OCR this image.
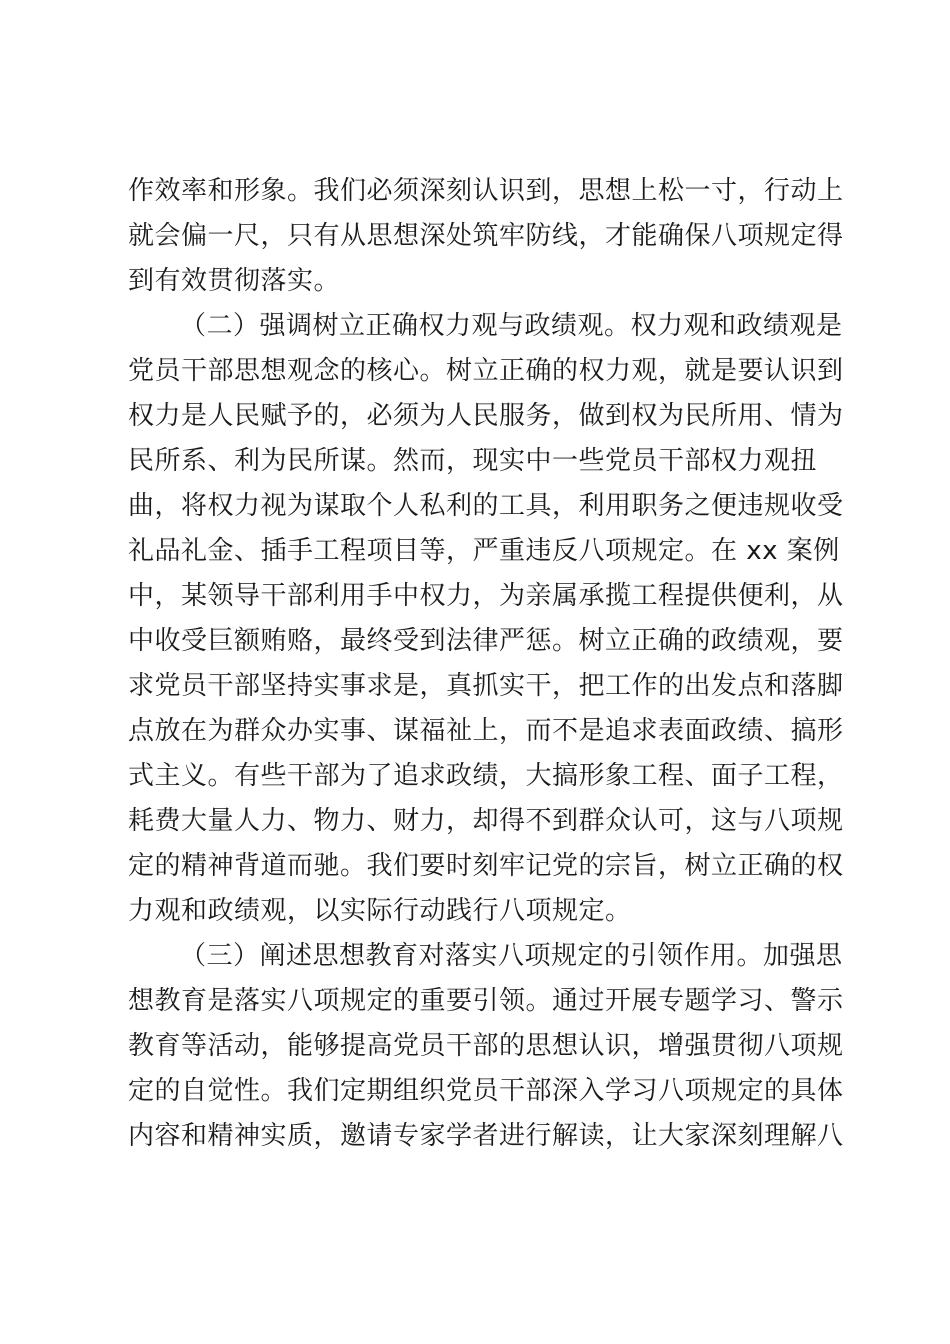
作效率和形象。我们必须深刻认识到，思想上松一寸，行动上
就会偏一尺，只有从思想深处筑牢防线，才能确保八项规定得
到有效贯彻落实。
（二）强调树立正确权力观与政绩观。权力观和政绩观是
党员干部思想观念的核心。树立正确的权力观，就是要认识到
权力是人民赋予的，必须为人民服务，做到权为民所用、情为
民所系、利为民所谋。然而，现实中一些党员干部权力观扭
曲，将权力视为谋取个人私利的工具，利用职务之便违规收受
礼品礼金、插手工程项目等，严重违反八项规定。在 xx 案例
中，某领导干部利用手中权力，为亲属承揽工程提供便利，从
中收受巨额贿赂，最终受到法律严惩。树立正确的政绩观，要
求党员干部坚持实事求是，真抓实干，把工作的出发点和落脚
点放在为群众办实事、谋福祉上，而不是追求表面政绩、搞形
式主义。有些干部为了追求政绩，大搞形象工程、面子工程，
耗费大量人力、物力、财力，却得不到群众认可，这与八项规
定的精神背道而驰。我们要时刻牢记党的宗旨，树立正确的权
力观和政绩观，以实际行动践行八项规定。
（三）阐述思想教育对落实八项规定的引领作用。加强思
想教育是落实八项规定的重要引领。通过开展专题学习、警示
教育等活动，能够提高党员干部的思想认识，增强贯彻八项规
定的自觉性。我们定期组织党员干部深入学习八项规定的具体
内容和精神实质，邀请专家学者进行解读，让大家深刻理解八
